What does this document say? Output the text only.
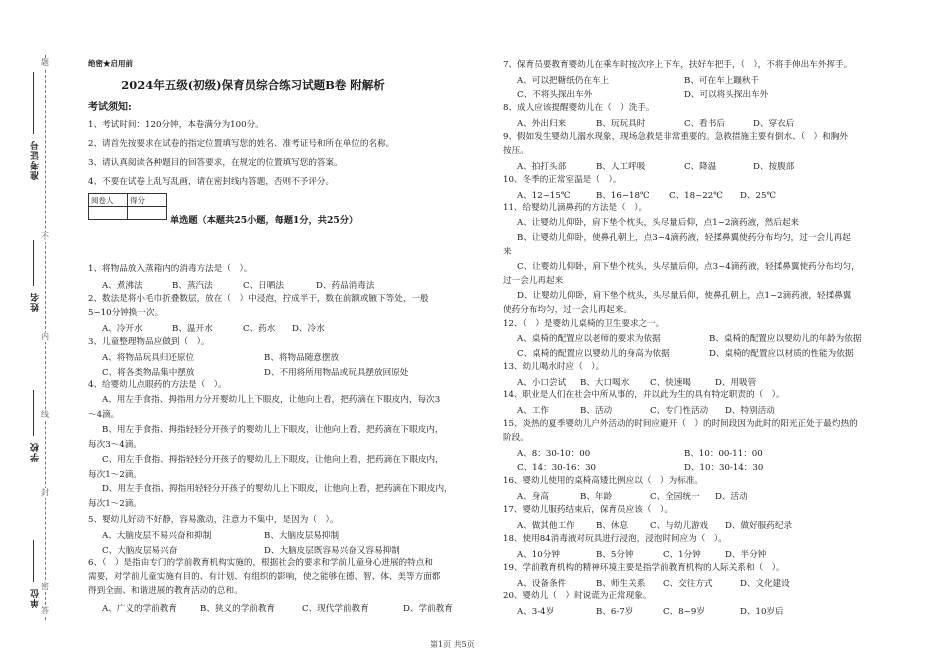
题
不
内
线
封
密
答
准考证号
姓名
学校
单位
绝密★启用前
2024年五级(初级)保育员综合练习试题B卷 附解析
考试须知:
1、考试时间：120分钟，本卷满分为100分。
2、请首先按要求在试卷的指定位置填写您的姓名、准考证号和所在单位的名称。
3、请认真阅读各种题目的回答要求，在规定的位置填写您的答案。
4、不要在试卷上乱写乱画，请在密封线内答题，否则不予评分。
阅卷人	得分

单选题（本题共25小题，每题1分，共25分）
1、将物品放入蒸箱内的消毒方法是（　）。
A、煮沸法	B、蒸汽法	C、日晒法	D、药品消毒法
2、数法是将小毛巾折叠数层，放在（　）中浸泡，拧成半干，数在前额或腋下等处，一般
5~10分钟换一次。
A、冷开水	B、温开水	C、药水 D、冷水
3、儿童整理物品应做到（　）。
A、将物品玩具归还原位	B、将物品随意摆放
C、将各类物品集中摆放	D、不用将所用物品或玩具摆放回原处
4、给婴幼儿点眼药的方法是（　）。
A、用左手食指、拇指用力分开婴幼儿上下眼皮，让他向上看，把药滴在下眼皮内，每次3
～4滴。
B、用左手食指、拇指轻轻分开孩子的婴幼儿上下眼皮，让他向上看，把药滴在下眼皮内，
每次3～4滴。
C、用左手食指、拇指轻轻分开孩子的婴幼儿上下眼皮，让他向上看，把药滴在下眼皮内，
每次1～2滴。
D、用左手食指、拇指用轻轻分开孩子的婴幼儿上下眼皮，让他向上看，把药滴在下眼皮内，
每次1～2滴。
5、婴幼儿好动不好静，容易激动，注意力不集中，是因为（　）。
A、大脑皮层不易兴奋和抑制	B、大脑皮层易抑制
C、大脑皮层易兴奋	D、大脑皮层既容易兴奋又容易抑制
6、（　）是指由专门的学前教育机构实施的，根据社会的要求和学前儿童身心进展的特点和
需要，对学前儿童实施有目的、有计划、有组织的影响，使之能够在德、智、体、美等方面都
得到全面、和谐进展的教育活动的总和。
A、广义的学前教育	B、狭义的学前教育	C、现代学前教育	D、学前教育
7、保育员要教育婴幼儿在乘车时按次序上下车，扶好车把手，（　），不将手伸出车外挥手。
A、可以把糖纸仍在车上	B、可在车上蹦秋千
C、不将头探出车外	D、可以将头探出车外
8、成人应该提醒婴幼儿在（　）洗手。
A、外出归来	B、玩玩具时	C、看书后	D、穿衣后
9、假如发生婴幼儿溺水现象，现场急救是非常重要的。急救措施主要有倒水、（　）和胸外
按压。
A、拍打头部	B、人工呼吸	C、降温	D、按腹部
10、冬季的正常室温是（　）。
A、12~15℃	B、16~18℃ C、18~22℃ D、25℃
11、给婴幼儿滴鼻药的方法是（　）。
A、让婴幼儿仰卧，肩下垫个枕头，头尽量后仰，点1~2滴药液，然后起来
B、让婴幼儿仰卧，使鼻孔朝上，点3~4滴药液，轻揉鼻翼使药分布均匀，过一会儿再起
来
C、让婴幼儿仰卧，肩下垫个枕头，头尽量后仰，点3~4滴药液，轻揉鼻翼使药分布均匀，
过一会儿再起来
D、让婴幼儿仰卧，肩下垫个枕头，头尽量后仰，使鼻孔朝上，点1~2滴药液，轻揉鼻翼
使药分布均匀，过一会儿再起来。
12、（　）是婴幼儿桌椅的卫生要求之一。
A、桌椅的配置应以老师的要求为依据	B、桌椅的配置应以婴幼儿的年龄为依据
C、桌椅的配置应以婴幼儿的身高为依据	D、桌椅的配置应以材质的性能为依据
13、幼儿喝水时应（　）。
A、小口尝试 B、大口喝水 C、快速喝	D、用吸管
14、职业是人们在社会中所从事的，并以此为生的具有特定职责的（　）。
A、工作	B、活动	C、专门性活动 D、特别活动
15、炎热的夏季婴幼儿户外活动的时间应避开（　）的时间段因为此时的阳光正处于最灼热的
阶段。
A、8：30-10：00	B、10：00-11：00
C、14：30-16：30	D、10：30-14：30
16、婴幼儿使用的桌椅高矮比例应以（　）为标准。
A、身高	B、年龄	C、全园统一 D、活动
17、婴幼儿服药结束后，保育员应该（　）。
A、做其他工作 B、休息	C、与幼儿游戏 D、做好服药纪录
18、使用84消毒液对玩具进行浸泡，浸泡时间应为（　）。
A、10分钟	B、5分钟	C、1分钟	D、半分钟
19、学前教育机构的精神环境主要是指学前教育机构的人际关系和（　）。
A、设备条件	B、师生关系 C、交往方式	D、文化建设
20、婴幼儿（　）时说谎为正常现象。
A、3-4岁	B、6-7岁	C、8~9岁	D、10岁后
第1页 共5页
